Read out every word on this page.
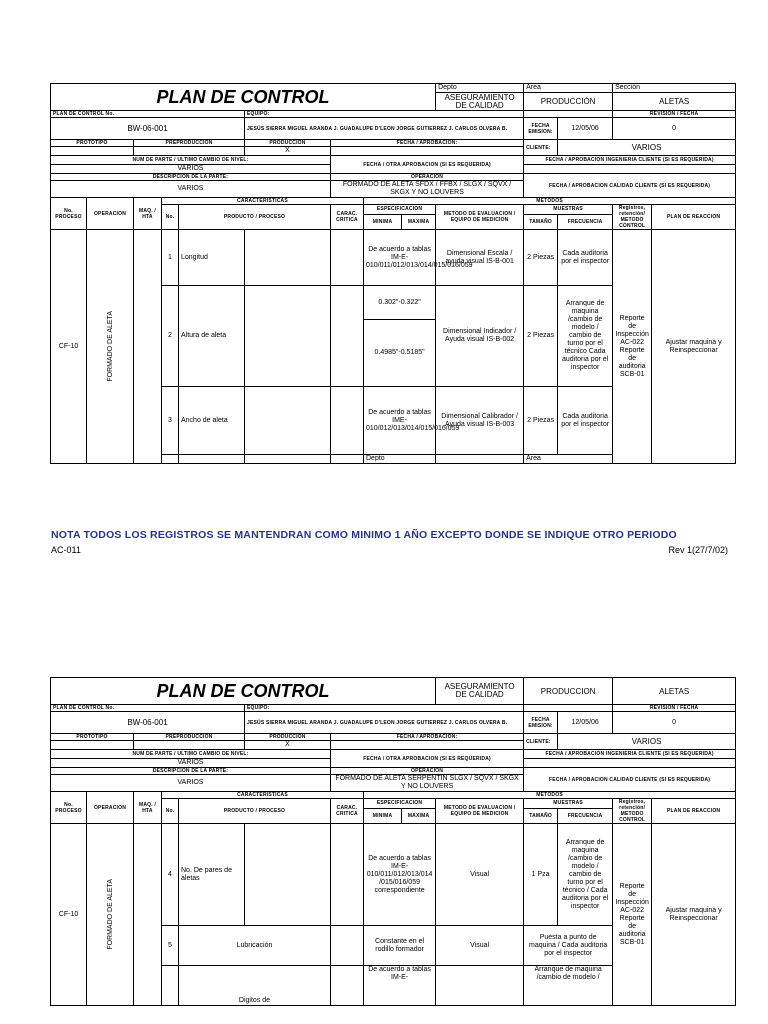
PLAN DE CONTROL									Depto	Area		Sección	
									ASEGURAMIENTO DE CALIDAD	PRODUCCIÓN		ALETAS	
PLAN DE CONTROL No.					EQUIPO:							REVISION / FECHA	
BW-06-001					JESÚS SIERRA MIGUEL ARANDA J. GUADALUPE D'LEON JORGE GUTIERREZ J. CARLOS OLVERA B.					FECHA EMISION:	12/05/06	0	
PROTOTIPO		PREPRODUCCION			PRODUCCION	FECHA / APROBACION:				CLIENTE:	VARIOS		
					X								
NUM DE PARTE / ULTIMO CAMBIO DE NIVEL:						FECHA / OTRA APROBACION (SI ES REQUERIDA)				FECHA / APROBACION INGENIERIA CLIENTE (SI ES REQUERIDA)			
VARIOS													
DESCRIPCION DE LA PARTE:						OPERACION				FECHA / APROBACION CALIDAD CLIENTE (SI ES REQUERIDA)			
VARIOS						FORMADO DE ALETA SFDX / FFBX / SLGX / SQVX / SKGX Y NO LOUVERS							
No. PROCESO	OPERACION	MAQ. / HTA	CARACTERISTICAS				METODOS						
			No.	PRODUCTO / PROCESO		CARAC. CRITICA	ESPECIFICACION		METODO DE EVALUACION / EQUIPO DE MEDICION	MUESTRAS		Registros, retención/ METODO CONTROL	PLAN DE REACCION
							MINIMA	MAXIMA		TAMAÑO	FRECUENCIA		
CF-10	FORMADO DE ALETA		1	Longitud			De acuerdo a tablas IM-E-010/011/012/013/014/015/016/059		Dimensional Escala / ayuda visual IS-B-001	2 Piezas	Cada auditoria por el inspector	Reporte de Inspección AC-022 Reporte de auditoria SCB-01	Ajustar maquina y Reinspeccionar
			2	Altura de aleta			0.302"-0.322"		Dimensional Indicador / Ayuda visual IS-B-002	2 Piezas	Arranque de maquina /cambio de modelo / cambio de turno por el técnico Cada auditoria por el inspector		
							0.4985"-0.5185"						
			3	Ancho de aleta			De acuerdo a tablas IME-010/012/013/014/015/016/059		Dimensional Calibrador / Ayuda visual IS-B-003	2 Piezas	Cada auditoria por el inspector		
							Depto			Area			
NOTA TODOS LOS REGISTROS SE MANTENDRAN COMO MINIMO 1 AÑO EXCEPTO DONDE SE INDIQUE OTRO PERIODO
AC-011	Rev 1(27/7/02)
PLAN DE CONTROL									ASEGURAMIENTO DE CALIDAD	PRODUCCION		ALETAS	

PLAN DE CONTROL No.					EQUIPO:							REVISION / FECHA	
BW-06-001					JESÚS SIERRA MIGUEL ARANDA J. GUADALUPE D'LEON JORGE GUTIERREZ J. CARLOS OLVERA B.					FECHA EMISION:	12/05/06	0	
PROTOTIPO		PREPRODUCCION			PRODUCCION	FECHA / APROBACION:				CLIENTE:	VARIOS		
					X								
NUM DE PARTE / ULTIMO CAMBIO DE NIVEL:						FECHA / OTRA APROBACION (SI ES REQUERIDA)				FECHA / APROBACION INGENIERIA CLIENTE (SI ES REQUERIDA)			
VARIOS													
DESCRIPCION DE LA PARTE:						OPERACION				FECHA / APROBACION CALIDAD CLIENTE (SI ES REQUERIDA)			
VARIOS						FORMADO DE ALETA SERPENTIN SLGX / SQVX / SKGX Y NO LOUVERS							
No. PROCESO	OPERACION	MAQ. / HTA	CARACTERISTICAS				METODOS						
			No.	PRODUCTO / PROCESO		CARAC. CRITICA	ESPECIFICACION		METODO DE EVALUACION / EQUIPO DE MEDICION	MUESTRAS		Registros, retención/ METODO CONTROL	PLAN DE REACCION
							MINIMA	MAXIMA		TAMAÑO	FRECUENCIA		
CF-10	FORMADO DE ALETA		4	No. De pares de aletas			De acuerdo a tablas IM-E-010/011/012/013/014 /015/016/059 correspondiente		Visual	1 Pza	Arranque de maquina /cambio de modelo / cambio de turno por el técnico / Cada auditoria por el inspector	Reporte de Inspección AC-022 Reporte de auditoria SCB-01	Ajustar maquina y Reinspeccionar
			5	Lubricación			Constante en el rodillo formador		Visual	Puesta a punto de maquina / Cada auditoria por el inspector			
				Digitos de			De acuerdo a tablas IM-E-			Arranque de maquina /cambio de modelo /			
